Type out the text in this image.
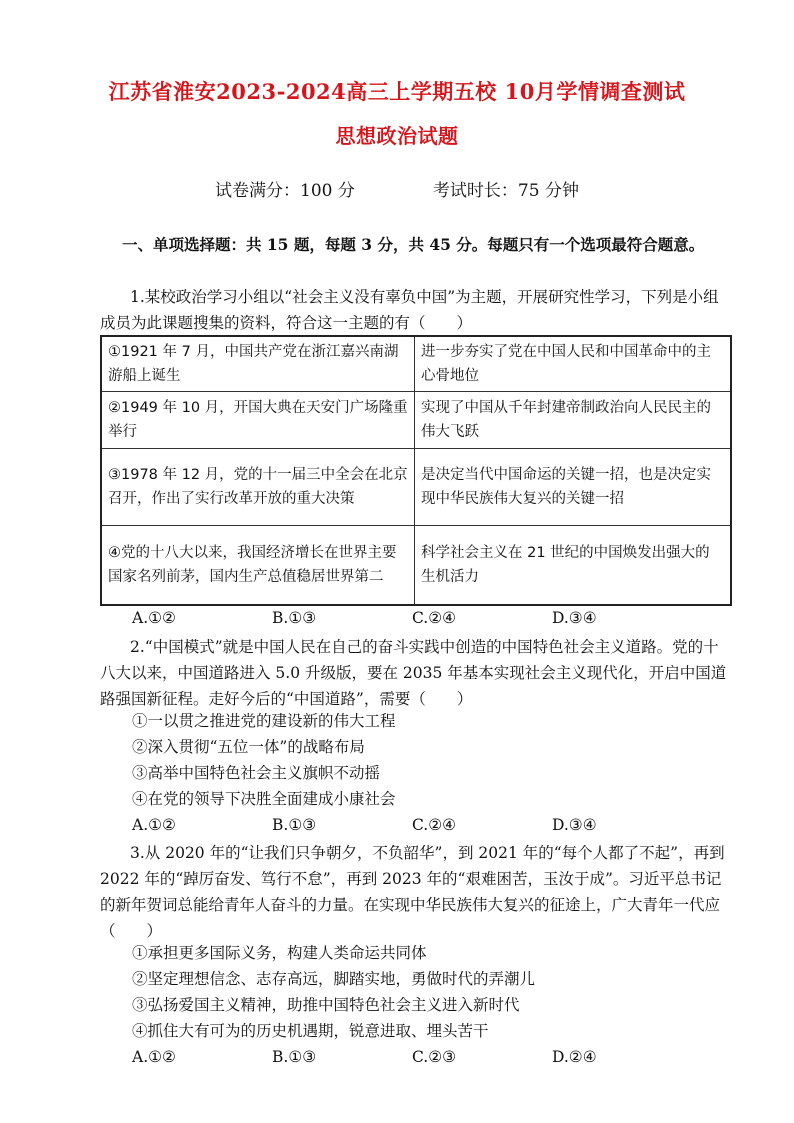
江苏省淮安2023-2024高三上学期五校 10月学情调查测试
思想政治试题
试卷满分：100 分	考试时长：75 分钟
一、单项选择题：共 15 题，每题 3 分，共 45 分。每题只有一个选项最符合题意。
1.某校政治学习小组以“社会主义没有辜负中国”为主题，开展研究性学习，下列是小组成员为此课题搜集的资料，符合这一主题的有（　　）
①1921 年 7 月，中国共产党在浙江嘉兴南湖游船上诞生	进一步夯实了党在中国人民和中国革命中的主心骨地位
②1949 年 10 月，开国大典在天安门广场隆重举行	实现了中国从千年封建帝制政治向人民民主的伟大飞跃
③1978 年 12 月，党的十一届三中全会在北京召开，作出了实行改革开放的重大决策	是决定当代中国命运的关键一招，也是决定实现中华民族伟大复兴的关键一招
④党的十八大以来，我国经济增长在世界主要国家名列前茅，国内生产总值稳居世界第二	科学社会主义在 21 世纪的中国焕发出强大的生机活力
A.①②	B.①③	C.②④	D.③④
2.“中国模式”就是中国人民在自己的奋斗实践中创造的中国特色社会主义道路。党的十八大以来，中国道路进入 5.0 升级版，要在 2035 年基本实现社会主义现代化，开启中国道路强国新征程。走好今后的“中国道路”，需要（　　）
①一以贯之推进党的建设新的伟大工程
②深入贯彻“五位一体”的战略布局
③高举中国特色社会主义旗帜不动摇
④在党的领导下决胜全面建成小康社会
A.①②	B.①③	C.②④	D.③④
3.从 2020 年的“让我们只争朝夕，不负韶华”，到 2021 年的“每个人都了不起”，再到 2022 年的“踔厉奋发、笃行不怠”，再到 2023 年的“艰难困苦，玉汝于成”。习近平总书记的新年贺词总能给青年人奋斗的力量。在实现中华民族伟大复兴的征途上，广大青年一代应（　　）
①承担更多国际义务，构建人类命运共同体
②坚定理想信念、志存高远，脚踏实地，勇做时代的弄潮儿
③弘扬爱国主义精神，助推中国特色社会主义进入新时代
④抓住大有可为的历史机遇期，锐意进取、埋头苦干
A.①②	B.①③	C.②③	D.②④
